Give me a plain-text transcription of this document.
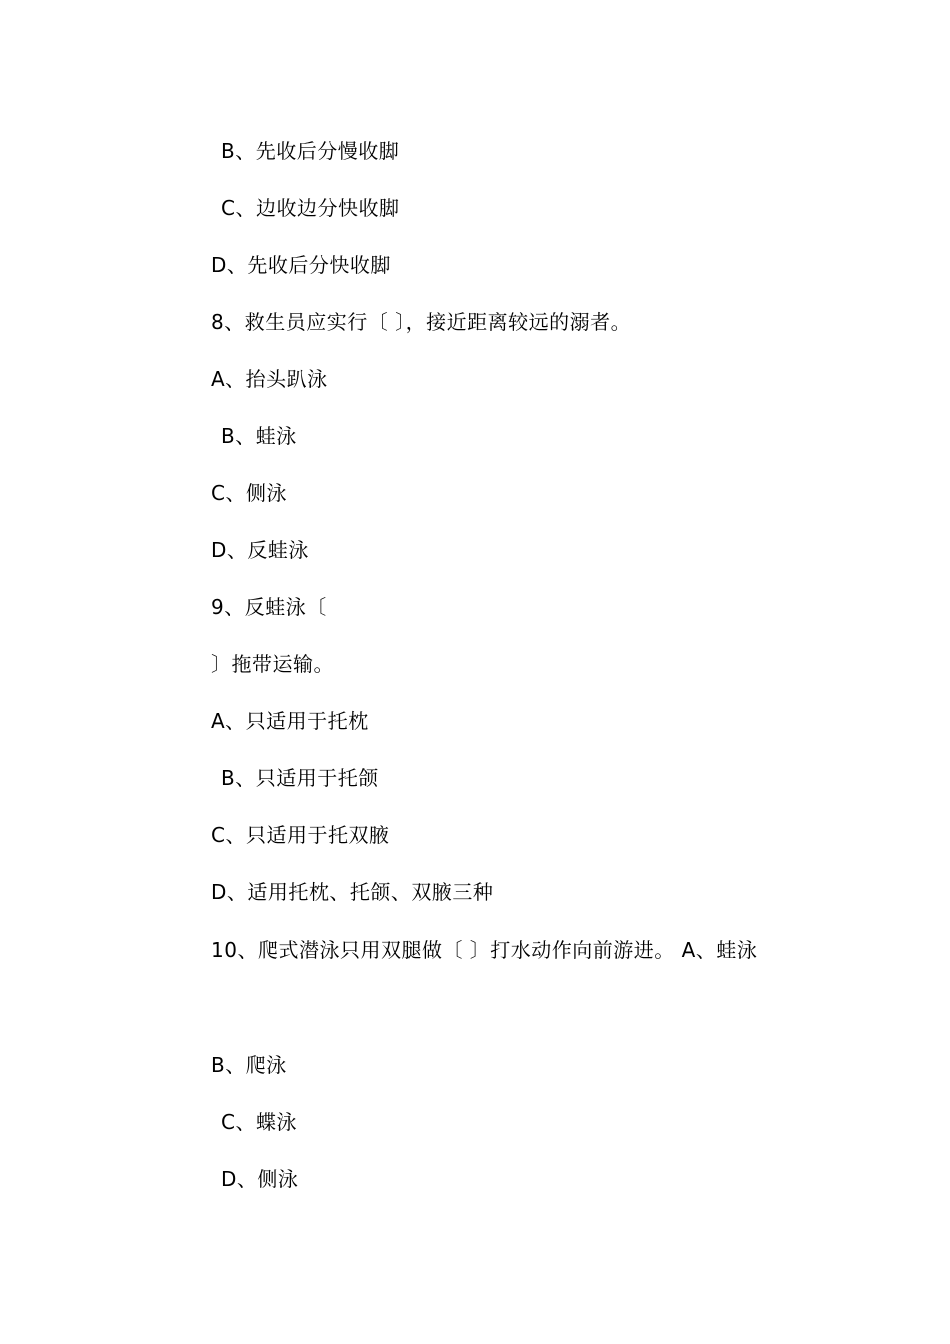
B、先收后分慢收脚
C、边收边分快收脚
D、先收后分快收脚
8、救生员应实行〔 〕，接近距离较远的溺者。
A、抬头趴泳
B、蛙泳
C、侧泳
D、反蛙泳
9、反蛙泳〔
〕拖带运输。
A、只适用于托枕
B、只适用于托颌
C、只适用于托双腋
D、适用托枕、托颌、双腋三种
10、爬式潜泳只用双腿做〔 〕打水动作向前游进。 A、蛙泳
B、爬泳
C、蝶泳
D、侧泳
